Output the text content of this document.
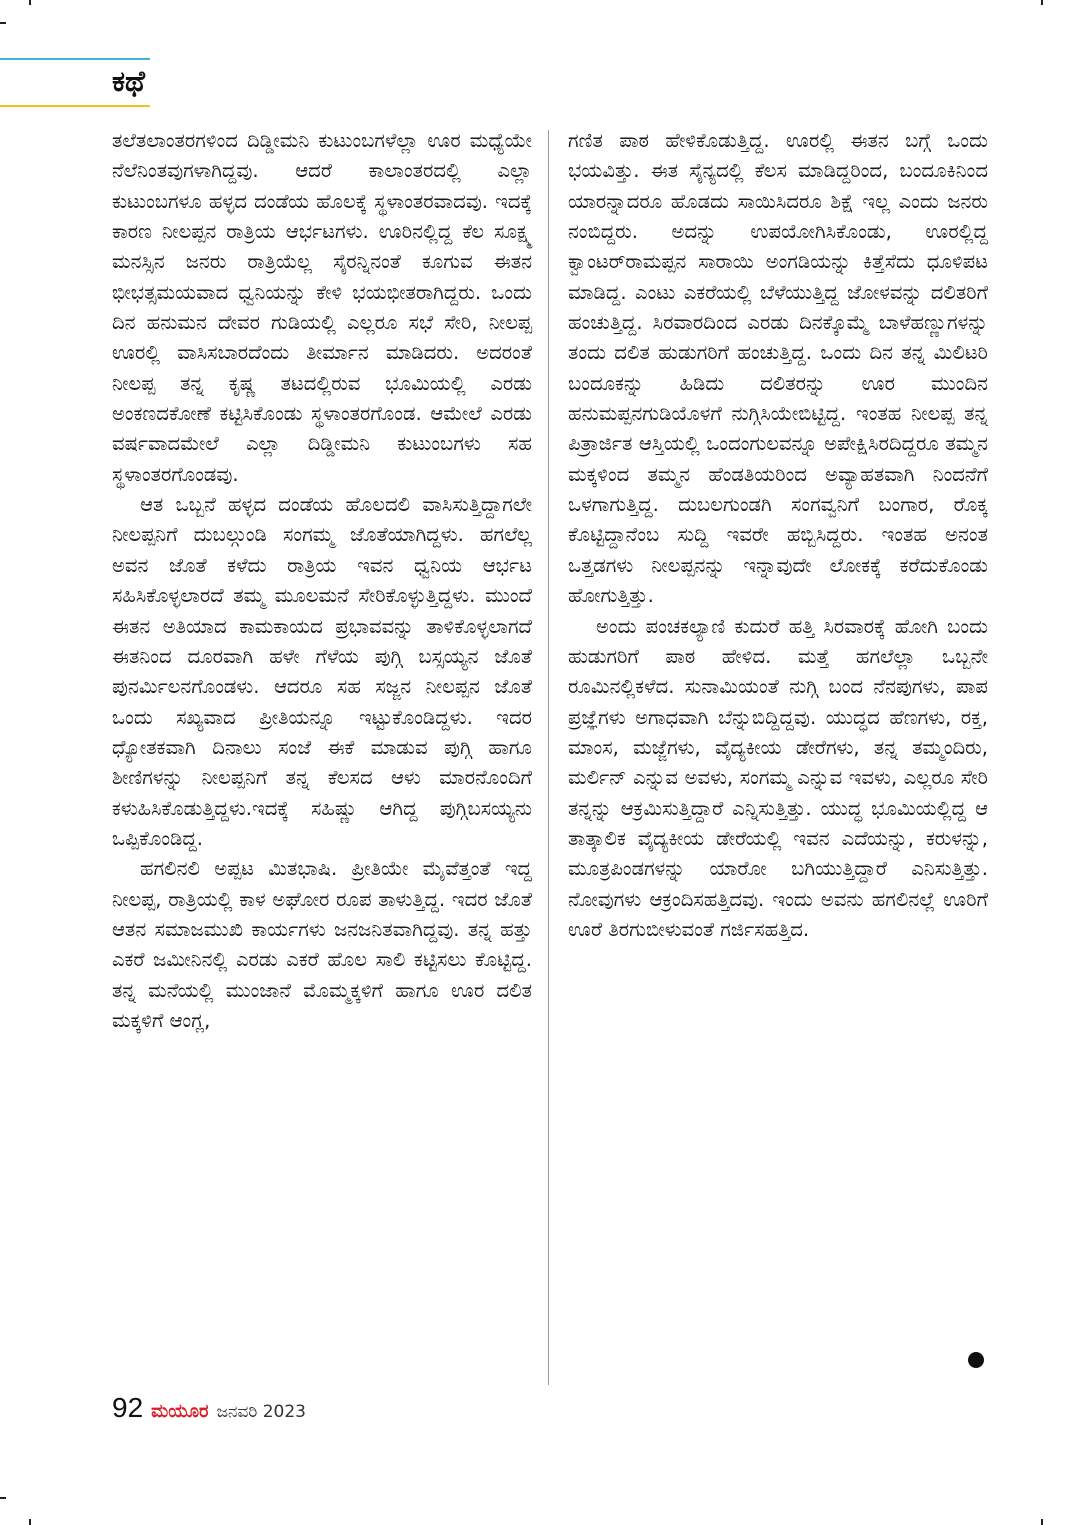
ಕಥೆ

ತಲೆತಲಾಂತರಗಳಿಂದ ದಿಡ್ಡೀಮನಿ ಕುಟುಂಬಗಳೆಲ್ಲಾ ಊರ ಮಧ್ಯೆಯೇ ನೆಲೆನಿಂತವುಗಳಾಗಿದ್ದವು. ಆದರೆ ಕಾಲಾಂತರದಲ್ಲಿ ಎಲ್ಲಾ ಕುಟುಂಬಗಳೂ ಹಳ್ಳದ ದಂಡೆಯ ಹೊಲಕ್ಕೆ ಸ್ಥಳಾಂತರವಾದವು. ಇದಕ್ಕೆ ಕಾರಣ ನೀಲಪ್ಪನ ರಾತ್ರಿಯ ಆರ್ಭಟಗಳು. ಊರಿನಲ್ಲಿದ್ದ ಕೆಲ ಸೂಕ್ಷ್ಮ ಮನಸ್ಸಿನ ಜನರು ರಾತ್ರಿಯೆಲ್ಲ ಸೈರನ್ನಿನಂತೆ ಕೂಗುವ ಈತನ ಭೀಭತ್ಸಮಯವಾದ ಧ್ವನಿಯನ್ನು ಕೇಳಿ ಭಯಭೀತರಾಗಿದ್ದರು. ಒಂದು ದಿನ ಹನುಮನ ದೇವರ ಗುಡಿಯಲ್ಲಿ ಎಲ್ಲರೂ ಸಭೆ ಸೇರಿ, ನೀಲಪ್ಪ ಊರಲ್ಲಿ ವಾಸಿಸಬಾರದೆಂದು ತೀರ್ಮಾನ ಮಾಡಿದರು. ಅದರಂತೆ ನೀಲಪ್ಪ ತನ್ನ ಕೃಷ್ಣ ತಟದಲ್ಲಿರುವ ಭೂಮಿಯಲ್ಲಿ ಎರಡು ಅಂಕಣದಕೋಣೆ ಕಟ್ಟಿಸಿಕೊಂಡು ಸ್ಥಳಾಂತರಗೊಂಡ. ಆಮೇಲೆ ಎರಡು ವರ್ಷವಾದಮೇಲೆ ಎಲ್ಲಾ ದಿಡ್ಡೀಮನಿ ಕುಟುಂಬಗಳು ಸಹ ಸ್ಥಳಾಂತರಗೊಂಡವು.

ಆತ ಒಬ್ಬನೆ ಹಳ್ಳದ ದಂಡೆಯ ಹೊಲದಲಿ ವಾಸಿಸುತ್ತಿದ್ದಾಗಲೇ ನೀಲಪ್ಪನಿಗೆ ದುಬಲ್ಗುಂಡಿ ಸಂಗಮ್ಮ ಜೊತೆಯಾಗಿದ್ದಳು. ಹಗಲೆಲ್ಲ ಅವನ ಜೊತೆ ಕಳೆದು ರಾತ್ರಿಯ ಇವನ ಧ್ವನಿಯ ಆರ್ಭಟ ಸಹಿಸಿಕೊಳ್ಳಲಾರದೆ ತಮ್ಮ ಮೂಲಮನೆ ಸೇರಿಕೊಳ್ಳುತ್ತಿದ್ದಳು. ಮುಂದೆ ಈತನ ಅತಿಯಾದ ಕಾಮಕಾಯದ ಪ್ರಭಾವವನ್ನು ತಾಳಿಕೊಳ್ಳಲಾಗದೆ ಈತನಿಂದ ದೂರವಾಗಿ ಹಳೇ ಗೆಳೆಯ ಪುಗ್ಗಿ ಬಸ್ಸಯ್ಯನ ಜೊತೆ ಪುನರ್ಮಿಲನಗೊಂಡಳು. ಆದರೂ ಸಹ ಸಜ್ಜನ ನೀಲಪ್ಪನ ಜೊತೆ ಒಂದು ಸಖ್ಯವಾದ ಪ್ರೀತಿಯನ್ನೂ ಇಟ್ಟುಕೊಂಡಿದ್ದಳು. ಇದರ ಧ್ಯೋತಕವಾಗಿ ದಿನಾಲು ಸಂಜೆ ಈಕೆ ಮಾಡುವ ಪುಗ್ಗಿ ಹಾಗೂ ಶೀಣಿಗಳನ್ನು ನೀಲಪ್ಪನಿಗೆ ತನ್ನ ಕೆಲಸದ ಆಳು ಮಾರನೊಂದಿಗೆ ಕಳುಹಿಸಿಕೊಡುತ್ತಿದ್ದಳು.ಇದಕ್ಕೆ ಸಹಿಷ್ಣು ಆಗಿದ್ದ ಪುಗ್ಗಿಬಸಯ್ಯನು ಒಪ್ಪಿಕೊಂಡಿದ್ದ.

ಹಗಲಿನಲಿ ಅಪ್ಪಟ ಮಿತಭಾಷಿ. ಪ್ರೀತಿಯೇ ಮೈವೆತ್ತಂತೆ ಇದ್ದ ನೀಲಪ್ಪ, ರಾತ್ರಿಯಲ್ಲಿ ಕಾಳ ಅಘೋರ ರೂಪ ತಾಳುತ್ತಿದ್ದ. ಇದರ ಜೊತೆ ಆತನ ಸಮಾಜಮುಖಿ ಕಾರ್ಯಗಳು ಜನಜನಿತವಾಗಿದ್ದವು. ತನ್ನ ಹತ್ತು ಎಕರೆ ಜಮೀನಿನಲ್ಲಿ ಎರಡು ಎಕರೆ ಹೊಲ ಸಾಲಿ ಕಟ್ಟಿಸಲು ಕೊಟ್ಟಿದ್ದ. ತನ್ನ ಮನೆಯಲ್ಲಿ ಮುಂಜಾನೆ ಮೊಮ್ಮಕ್ಕಳಿಗೆ ಹಾಗೂ ಊರ ದಲಿತ ಮಕ್ಕಳಿಗೆ ಆಂಗ್ಲ,

ಗಣಿತ ಪಾಠ ಹೇಳಿಕೊಡುತ್ತಿದ್ದ. ಊರಲ್ಲಿ ಈತನ ಬಗ್ಗೆ ಒಂದು ಭಯವಿತ್ತು. ಈತ ಸೈನ್ಯದಲ್ಲಿ ಕೆಲಸ ಮಾಡಿದ್ದರಿಂದ, ಬಂದೂಕಿನಿಂದ ಯಾರನ್ನಾದರೂ ಹೊಡದು ಸಾಯಿಸಿದರೂ ಶಿಕ್ಷೆ ಇಲ್ಲ ಎಂದು ಜನರು ನಂಬಿದ್ದರು. ಅದನ್ನು ಉಪಯೋಗಿಸಿಕೊಂಡು, ಊರಲ್ಲಿದ್ದ ಕ್ವಾಂಟರ್‌ರಾಮಪ್ಪನ ಸಾರಾಯಿ ಅಂಗಡಿಯನ್ನು ಕಿತ್ತೆಸೆದು ಧೂಳಿಪಟ ಮಾಡಿದ್ದ. ಎಂಟು ಎಕರೆಯಲ್ಲಿ ಬೆಳೆಯುತ್ತಿದ್ದ ಜೋಳವನ್ನು ದಲಿತರಿಗೆ ಹಂಚುತ್ತಿದ್ದ. ಸಿರವಾರದಿಂದ ಎರಡು ದಿನಕ್ಕೊಮ್ಮೆ ಬಾಳೆಹಣ್ಣುಗಳನ್ನು ತಂದು ದಲಿತ ಹುಡುಗರಿಗೆ ಹಂಚುತ್ತಿದ್ದ. ಒಂದು ದಿನ ತನ್ನ ಮಿಲಿಟರಿ ಬಂದೂಕನ್ನು ಹಿಡಿದು ದಲಿತರನ್ನು ಊರ ಮುಂದಿನ ಹನುಮಪ್ಪನಗುಡಿಯೊಳಗೆ ನುಗ್ಗಿಸಿಯೇಬಿಟ್ಟಿದ್ದ. ಇಂತಹ ನೀಲಪ್ಪ ತನ್ನ ಪಿತ್ರಾರ್ಜಿತ ಆಸ್ತಿಯಲ್ಲಿ ಒಂದಂಗುಲವನ್ನೂ ಅಪೇಕ್ಷಿಸಿರದಿದ್ದರೂ ತಮ್ಮನ ಮಕ್ಕಳಿಂದ ತಮ್ಮನ ಹೆಂಡತಿಯರಿಂದ ಅವ್ಯಾಹತವಾಗಿ ನಿಂದನೆಗೆ ಒಳಗಾಗುತ್ತಿದ್ದ. ದುಬಲಗುಂಡಗಿ ಸಂಗವ್ವನಿಗೆ ಬಂಗಾರ, ರೊಕ್ಕ ಕೊಟ್ಟಿದ್ದಾನೆಂಬ ಸುದ್ದಿ ಇವರೇ ಹಬ್ಬಿಸಿದ್ದರು. ಇಂತಹ ಅನಂತ ಒತ್ತಡಗಳು ನೀಲಪ್ಪನನ್ನು ಇನ್ನಾವುದೇ ಲೋಕಕ್ಕೆ ಕರೆದುಕೊಂಡು ಹೋಗುತ್ತಿತ್ತು.

ಅಂದು ಪಂಚಕಲ್ಯಾಣಿ ಕುದುರೆ ಹತ್ತಿ ಸಿರವಾರಕ್ಕೆ ಹೋಗಿ ಬಂದು ಹುಡುಗರಿಗೆ ಪಾಠ ಹೇಳಿದ. ಮತ್ತೆ ಹಗಲೆಲ್ಲಾ ಒಬ್ಬನೇ ರೂಮಿನಲ್ಲಿಕಳೆದ. ಸುನಾಮಿಯಂತೆ ನುಗ್ಗಿ ಬಂದ ನೆನಪುಗಳು, ಪಾಪ ಪ್ರಜ್ಞೆಗಳು ಅಗಾಧವಾಗಿ ಬೆನ್ನುಬಿದ್ದಿದ್ದವು. ಯುದ್ಧದ ಹೆಣಗಳು, ರಕ್ತ, ಮಾಂಸ, ಮಜ್ಜೆಗಳು, ವೈದ್ಯಕೀಯ ಡೇರೆಗಳು, ತನ್ನ ತಮ್ಮಂದಿರು, ಮರ್ಲಿನ್ ಎನ್ನುವ ಅವಳು, ಸಂಗಮ್ಮ ಎನ್ನುವ ಇವಳು, ಎಲ್ಲರೂ ಸೇರಿ ತನ್ನನ್ನು ಆಕ್ರಮಿಸುತ್ತಿದ್ದಾರೆ ಎನ್ನಿಸುತ್ತಿತ್ತು. ಯುದ್ಧ ಭೂಮಿಯಲ್ಲಿದ್ದ ಆ ತಾತ್ಕಾಲಿಕ ವೈದ್ಯಕೀಯ ಡೇರೆಯಲ್ಲಿ ಇವನ ಎದೆಯನ್ನು, ಕರುಳನ್ನು, ಮೂತ್ರಪಿಂಡಗಳನ್ನು ಯಾರೋ ಬಗಿಯುತ್ತಿದ್ದಾರೆ ಎನಿಸುತ್ತಿತ್ತು. ನೋವುಗಳು ಆಕ್ರಂದಿಸಹತ್ತಿದವು. ಇಂದು ಅವನು ಹಗಲಿನಲ್ಲೆ ಊರಿಗೆ ಊರೆ ತಿರಗುಬೀಳುವಂತೆ ಗರ್ಜಿಸಹತ್ತಿದ.

92 ಮಯೂರ ಜನವರಿ 2023
